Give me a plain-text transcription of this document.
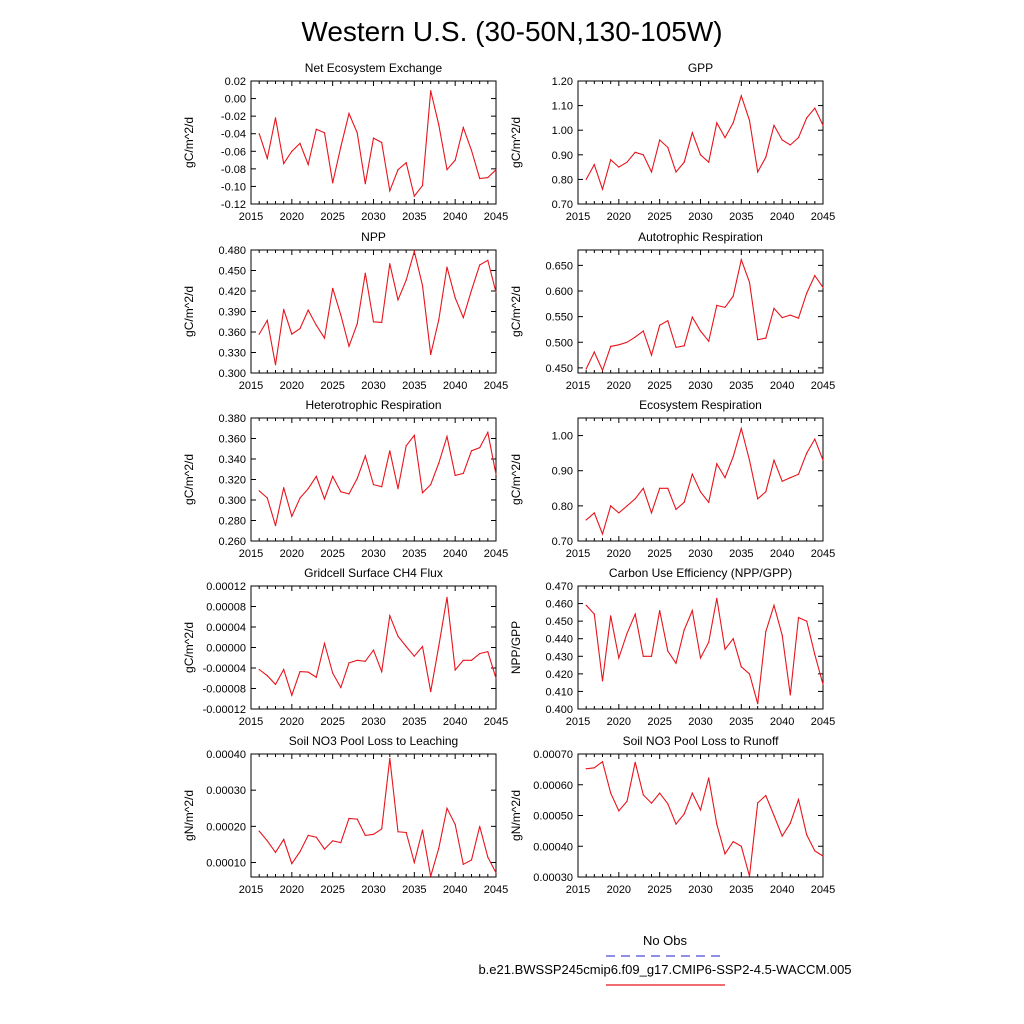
Western U.S. (30-50N,130-105W)
Net Ecosystem Exchange
gC/m^2/d
2015 2020 2025 2030 2035 2040 2045
0.02
0.00
-0.02
-0.04
-0.06
-0.08
-0.10
-0.12
GPP
gC/m^2/d
2015 2020 2025 2030 2035 2040 2045
1.20
1.10
1.00
0.90
0.80
0.70
NPP
gC/m^2/d
2015 2020 2025 2030 2035 2040 2045
0.480
0.450
0.420
0.390
0.360
0.330
0.300
Autotrophic Respiration
gC/m^2/d
2015 2020 2025 2030 2035 2040 2045
0.650
0.600
0.550
0.500
0.450
Heterotrophic Respiration
gC/m^2/d
2015 2020 2025 2030 2035 2040 2045
0.380
0.360
0.340
0.320
0.300
0.280
0.260
Ecosystem Respiration
gC/m^2/d
2015 2020 2025 2030 2035 2040 2045
1.00
0.90
0.80
0.70
Gridcell Surface CH4 Flux
gC/m^2/d
2015 2020 2025 2030 2035 2040 2045
0.00012
0.00008
0.00004
0.00000
-0.00004
-0.00008
-0.00012
Carbon Use Efficiency (NPP/GPP)
NPP/GPP
2015 2020 2025 2030 2035 2040 2045
0.470
0.460
0.450
0.440
0.430
0.420
0.410
0.400
Soil NO3 Pool Loss to Leaching
gN/m^2/d
2015 2020 2025 2030 2035 2040 2045
0.00040
0.00030
0.00020
0.00010
Soil NO3 Pool Loss to Runoff
gN/m^2/d
2015 2020 2025 2030 2035 2040 2045
0.00070
0.00060
0.00050
0.00040
0.00030
No Obs
b.e21.BWSSP245cmip6.f09_g17.CMIP6-SSP2-4.5-WACCM.005
